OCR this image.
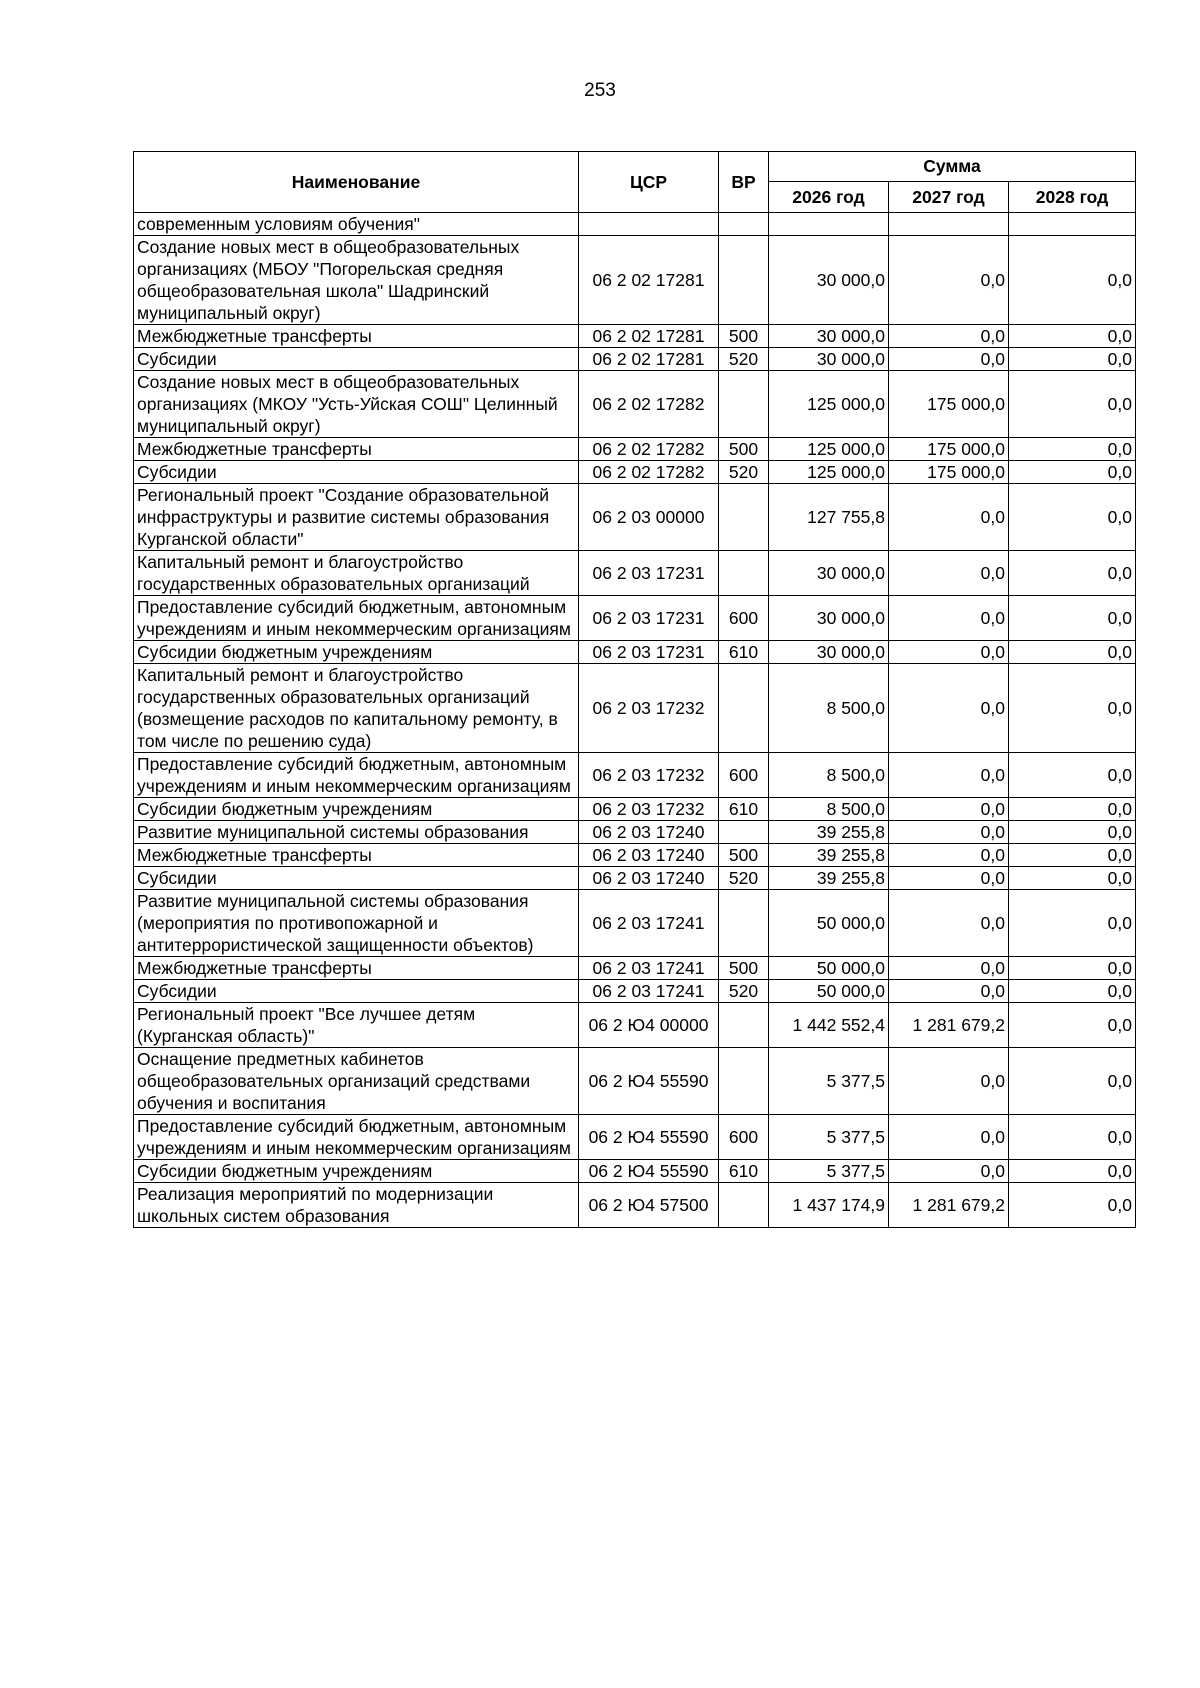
253
Наименование	ЦСР	ВР	Сумма		
			2026 год	2027 год	2028 год
современным условиям обучения"					
Создание новых мест в общеобразовательных организациях (МБОУ "Погорельская средняя общеобразовательная школа" Шадринский муниципальный округ)	06 2 02 17281		30 000,0	0,0	0,0
Межбюджетные трансферты	06 2 02 17281	500	30 000,0	0,0	0,0
Субсидии	06 2 02 17281	520	30 000,0	0,0	0,0
Создание новых мест в общеобразовательных организациях (МКОУ "Усть-Уйская СОШ" Целинный муниципальный округ)	06 2 02 17282		125 000,0	175 000,0	0,0
Межбюджетные трансферты	06 2 02 17282	500	125 000,0	175 000,0	0,0
Субсидии	06 2 02 17282	520	125 000,0	175 000,0	0,0
Региональный проект "Создание образовательной инфраструктуры и развитие системы образования Курганской области"	06 2 03 00000		127 755,8	0,0	0,0
Капитальный ремонт и благоустройство государственных образовательных организаций	06 2 03 17231		30 000,0	0,0	0,0
Предоставление субсидий бюджетным, автономным учреждениям и иным некоммерческим организациям	06 2 03 17231	600	30 000,0	0,0	0,0
Субсидии бюджетным учреждениям	06 2 03 17231	610	30 000,0	0,0	0,0
Капитальный ремонт и благоустройство государственных образовательных организаций (возмещение расходов по капитальному ремонту, в том числе по решению суда)	06 2 03 17232		8 500,0	0,0	0,0
Предоставление субсидий бюджетным, автономным учреждениям и иным некоммерческим организациям	06 2 03 17232	600	8 500,0	0,0	0,0
Субсидии бюджетным учреждениям	06 2 03 17232	610	8 500,0	0,0	0,0
Развитие муниципальной системы образования	06 2 03 17240		39 255,8	0,0	0,0
Межбюджетные трансферты	06 2 03 17240	500	39 255,8	0,0	0,0
Субсидии	06 2 03 17240	520	39 255,8	0,0	0,0
Развитие муниципальной системы образования (мероприятия по противопожарной и антитеррористической защищенности объектов)	06 2 03 17241		50 000,0	0,0	0,0
Межбюджетные трансферты	06 2 03 17241	500	50 000,0	0,0	0,0
Субсидии	06 2 03 17241	520	50 000,0	0,0	0,0
Региональный проект "Все лучшее детям (Курганская область)"	06 2 Ю4 00000		1 442 552,4	1 281 679,2	0,0
Оснащение предметных кабинетов общеобразовательных организаций средствами обучения и воспитания	06 2 Ю4 55590		5 377,5	0,0	0,0
Предоставление субсидий бюджетным, автономным учреждениям и иным некоммерческим организациям	06 2 Ю4 55590	600	5 377,5	0,0	0,0
Субсидии бюджетным учреждениям	06 2 Ю4 55590	610	5 377,5	0,0	0,0
Реализация мероприятий по модернизации школьных систем образования	06 2 Ю4 57500		1 437 174,9	1 281 679,2	0,0
